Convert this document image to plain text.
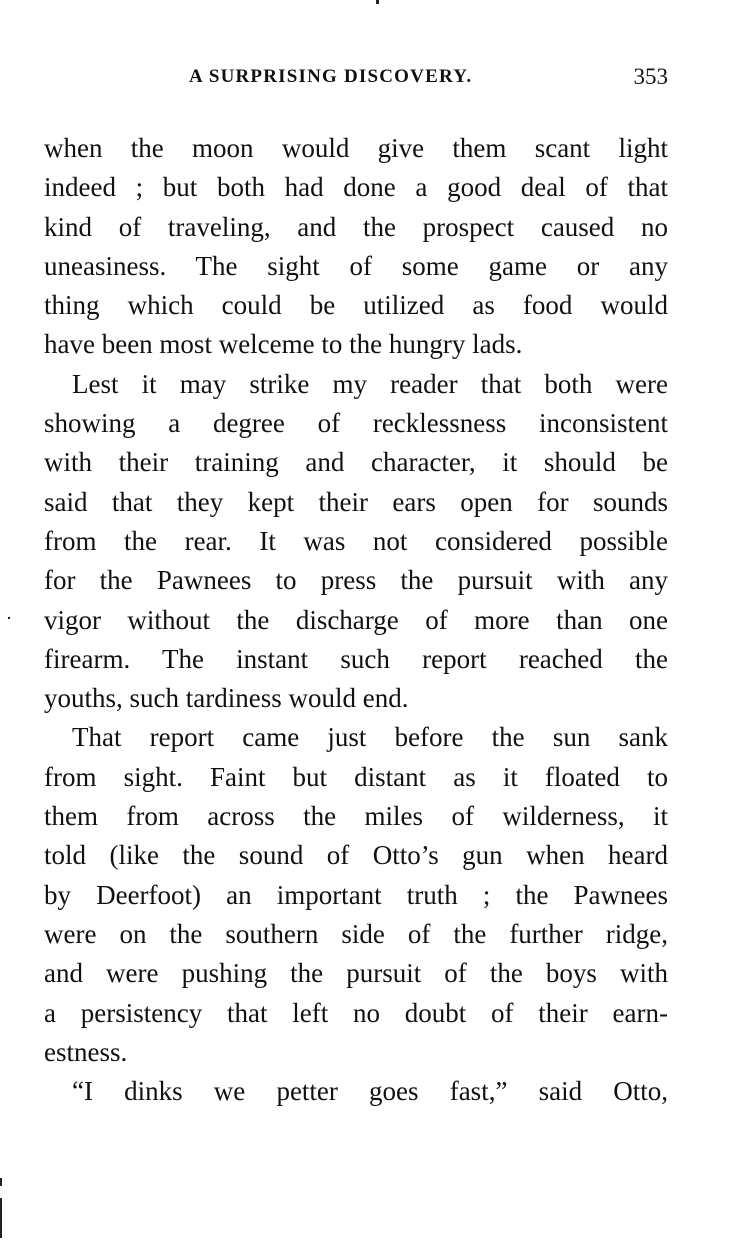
A SURPRISING DISCOVERY.	353

when the moon would give them scant light
indeed ; but both had done a good deal of that
kind of traveling, and the prospect caused no
uneasiness. The sight of some game or any
thing which could be utilized as food would
have been most welceme to the hungry lads.

Lest it may strike my reader that both were
showing a degree of recklessness inconsistent
with their training and character, it should be
said that they kept their ears open for sounds
from the rear. It was not considered possible
for the Pawnees to press the pursuit with any
vigor without the discharge of more than one
firearm. The instant such report reached the
youths, such tardiness would end.

That report came just before the sun sank
from sight. Faint but distant as it floated to
them from across the miles of wilderness, it
told (like the sound of Otto’s gun when heard
by Deerfoot) an important truth ; the Pawnees
were on the southern side of the further ridge,
and were pushing the pursuit of the boys with
a persistency that left no doubt of their earn-
estness.

“I dinks we petter goes fast,” said Otto,
